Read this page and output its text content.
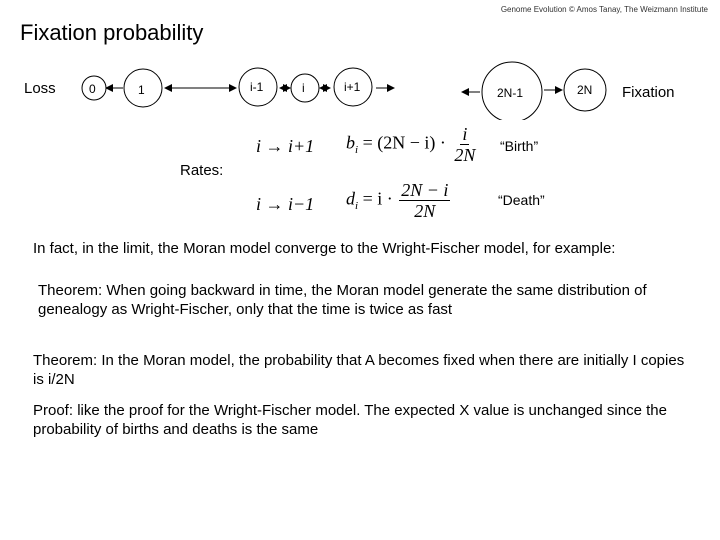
Genome Evolution © Amos Tanay, The Weizmann Institute
Fixation probability
Loss	Fixation
0	1	i-1	i	i+1	2N-1	2N
Rates:
i → i+1 $b_i = (2N - i) \cdot \frac{i}{2N}$ “Birth”
i → i−1 $d_i = i \cdot \frac{2N - i}{2N}$	“Death”
In fact, in the limit, the Moran model converge to the Wright-Fischer model, for example:
Theorem: When going backward in time, the Moran model generate the same distribution of genealogy as Wright-Fischer, only that the time is twice as fast
Theorem: In the Moran model, the probability that A becomes fixed when there are initially I copies is i/2N
Proof: like the proof for the Wright-Fischer model. The expected X value is unchanged since the probability of births and deaths is the same
